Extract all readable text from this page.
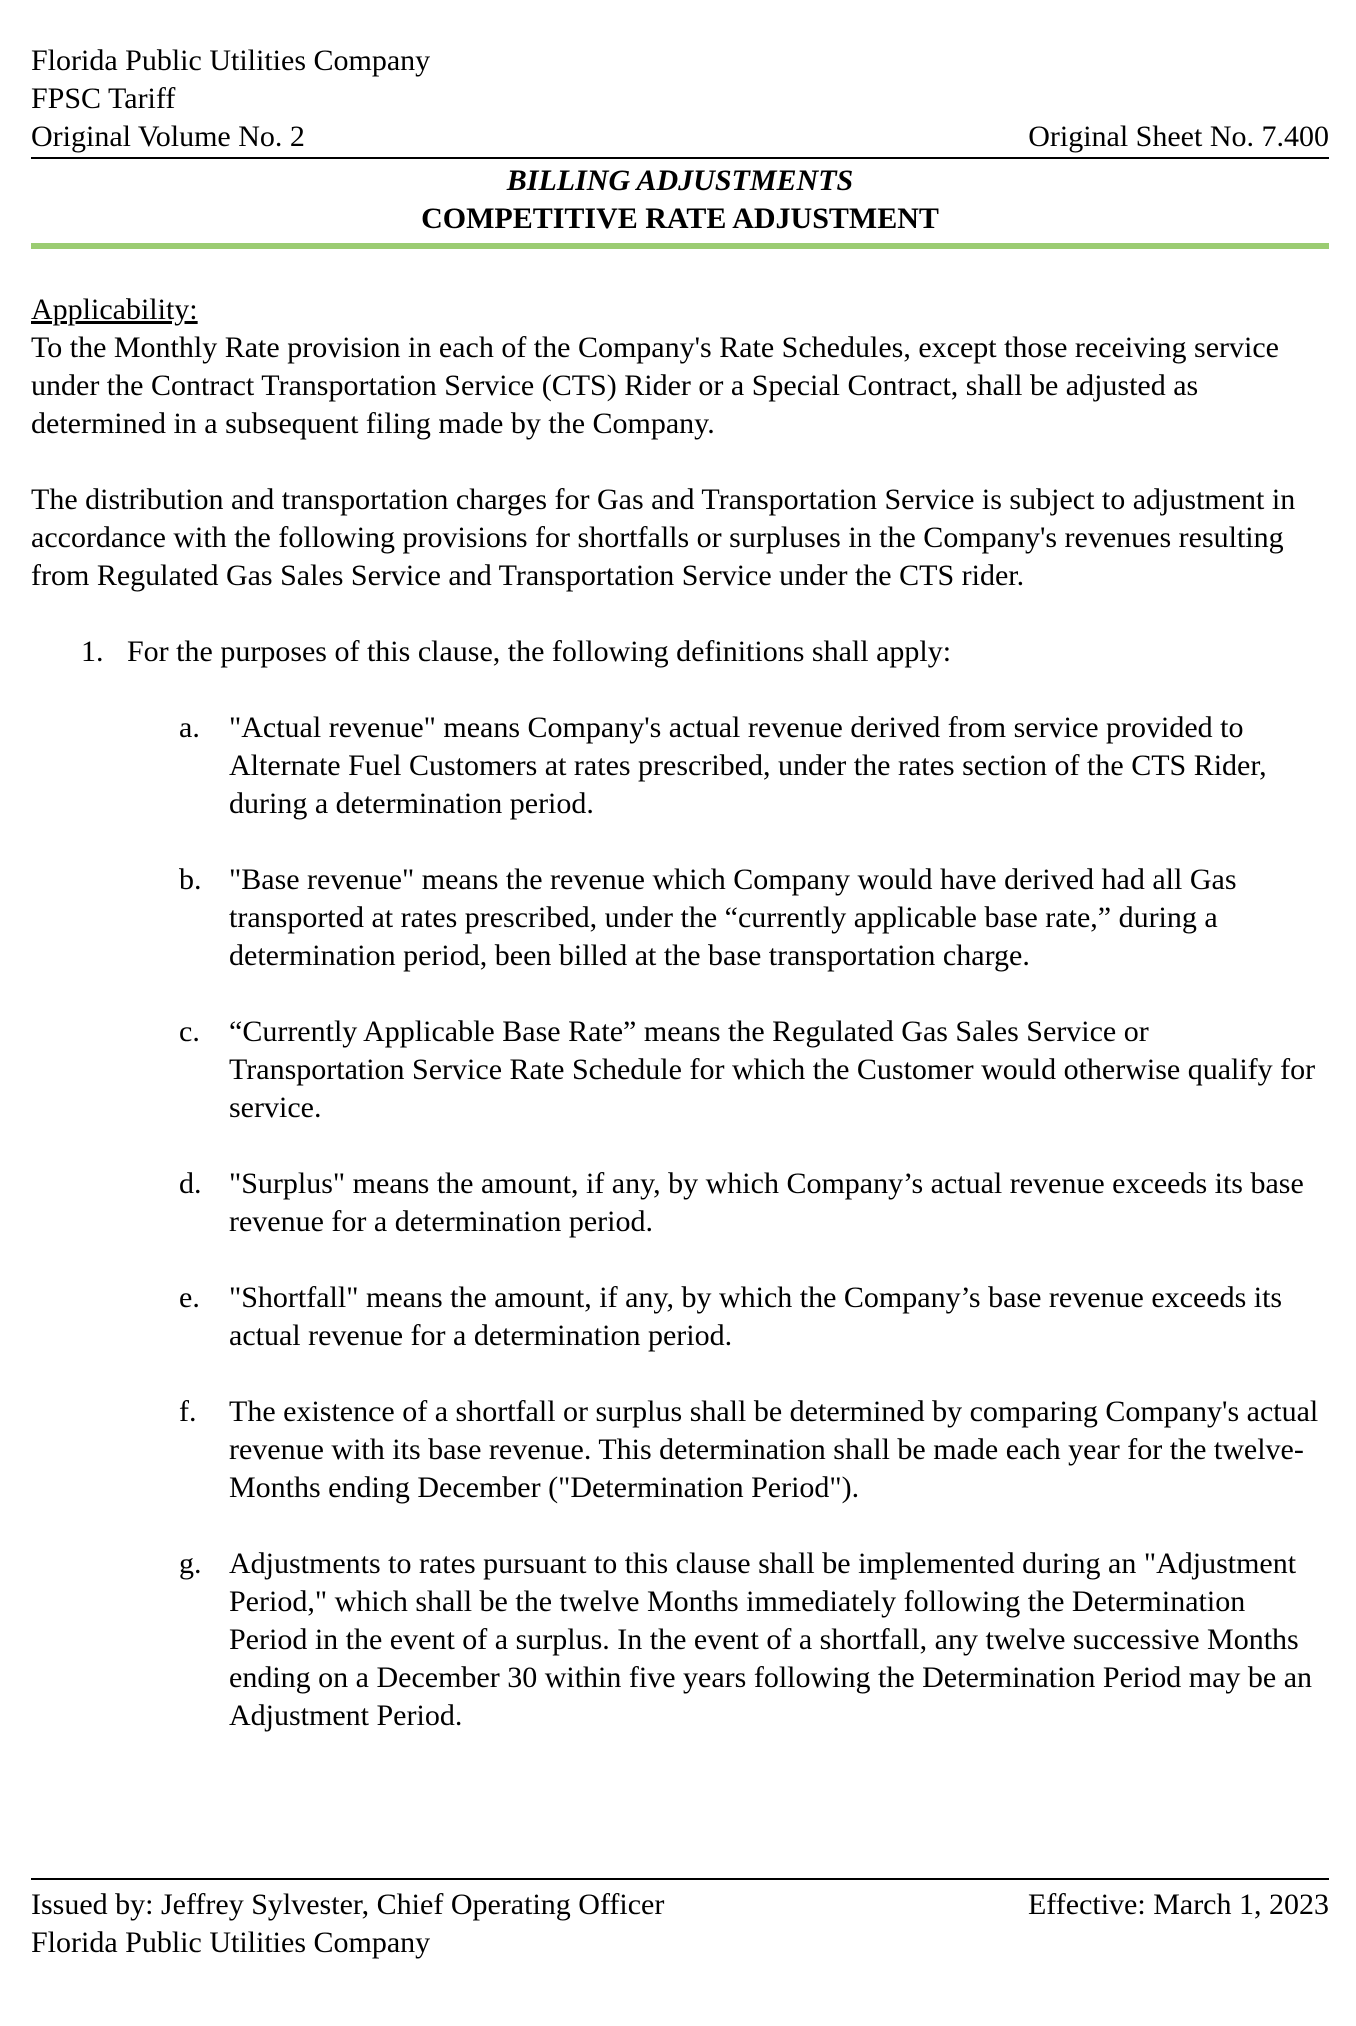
Florida Public Utilities Company
FPSC Tariff
Original Volume No. 2	Original Sheet No. 7.400
BILLING ADJUSTMENTS
COMPETITIVE RATE ADJUSTMENT
Applicability:

To the Monthly Rate provision in each of the Company's Rate Schedules, except those receiving service under the Contract Transportation Service (CTS) Rider or a Special Contract, shall be adjusted as determined in a subsequent filing made by the Company.

The distribution and transportation charges for Gas and Transportation Service is subject to adjustment in accordance with the following provisions for shortfalls or surpluses in the Company's revenues resulting from Regulated Gas Sales Service and Transportation Service under the CTS rider.

1. For the purposes of this clause, the following definitions shall apply:
a. "Actual revenue" means Company's actual revenue derived from service provided to Alternate Fuel Customers at rates prescribed, under the rates section of the CTS Rider, during a determination period.
b. "Base revenue" means the revenue which Company would have derived had all Gas transported at rates prescribed, under the “currently applicable base rate,” during a determination period, been billed at the base transportation charge.
c. “Currently Applicable Base Rate” means the Regulated Gas Sales Service or Transportation Service Rate Schedule for which the Customer would otherwise qualify for service.
d. "Surplus" means the amount, if any, by which Company’s actual revenue exceeds its base revenue for a determination period.
e. "Shortfall" means the amount, if any, by which the Company’s base revenue exceeds its actual revenue for a determination period.
f. The existence of a shortfall or surplus shall be determined by comparing Company's actual revenue with its base revenue. This determination shall be made each year for the twelve-Months ending December ("Determination Period").
g. Adjustments to rates pursuant to this clause shall be implemented during an "Adjustment Period," which shall be the twelve Months immediately following the Determination Period in the event of a surplus. In the event of a shortfall, any twelve successive Months ending on a December 30 within five years following the Determination Period may be an Adjustment Period.
Issued by: Jeffrey Sylvester, Chief Operating Officer	Effective: March 1, 2023
Florida Public Utilities Company
